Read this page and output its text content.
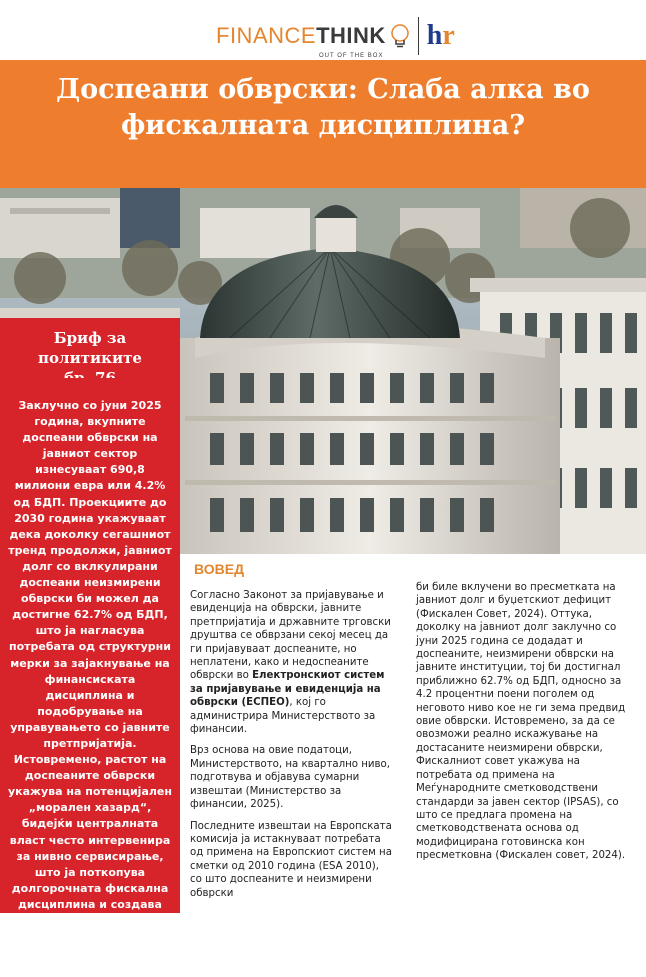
FINANCETHINK
OUT OF THE BOX
hr
Доспеани обврски: Слаба алка во фискалната дисциплина?
Бриф за политиките

Заклучно со јуни 2025 година, вкупните доспеани обврски на јавниот сектор изнесуваат 690,8 милиони евра или 4.2% од БДП. Проекциите до 2030 година укажуваат дека доколку сегашниот тренд продолжи, јавниот долг со вклкулирани доспеани неизмирени обврски би можел да достигне 62.7% од БДП, што ја нагласува потребата од структурни мерки за зајакнување на финансиската дисциплина и подобрување на управувањето со јавните претпријатија. Истовремено, растот на доспеаните обврски укажува на потенцијален „морален хазард“, бидејќи централната власт често интервенира за нивно сервисирање, што ја поткопува долгорочната фискална дисциплина и создава очекување дека идните обврски ќе бидат покриени од други нивоа на власт.

ВОВЕД

Согласно Законот за пријавување и евиденција на обврски, јавните претпријатија и државните трговски друштва се обврзани секој месец да ги пријавуваат доспеаните, но неплатени, како и недоспеаните обврски во Електронскиот систем за пријавување и евиденција на обврски (ЕСПЕО), кој го администрира Министерството за финансии.

Врз основа на овие податоци, Министерството, на квартално ниво, подготвува и објавува сумарни извештаи (Министерство за финансии, 2025).

Последните извештаи на Европската комисија ја истакнуваат потребата од примена на Европскиот систем на сметки од 2010 година (ESA 2010), со што доспеаните и неизмирени обврски

би биле вклучени во пресметката на јавниот долг и буџетскиот дефицит (Фискален Совет, 2024). Оттука, доколку на јавниот долг заклучно со јуни 2025 година се додадат и доспеаните, неизмирени обврски на јавните институции, тој би достигнал приближно 62.7% од БДП, односно за 4.2 процентни поени поголем од неговото ниво кое не ги зема предвид овие обврски. Истовремено, за да се овозможи реално искажување на достасаните неизмирени обврски, Фискалниот совет укажува на потребата од примена на Меѓународните сметководствени стандарди за јавен сектор (IPSAS), со што се предлага промена на сметководствената основа од модифицирана готовинска кон пресметковна (Фискален совет, 2024).
